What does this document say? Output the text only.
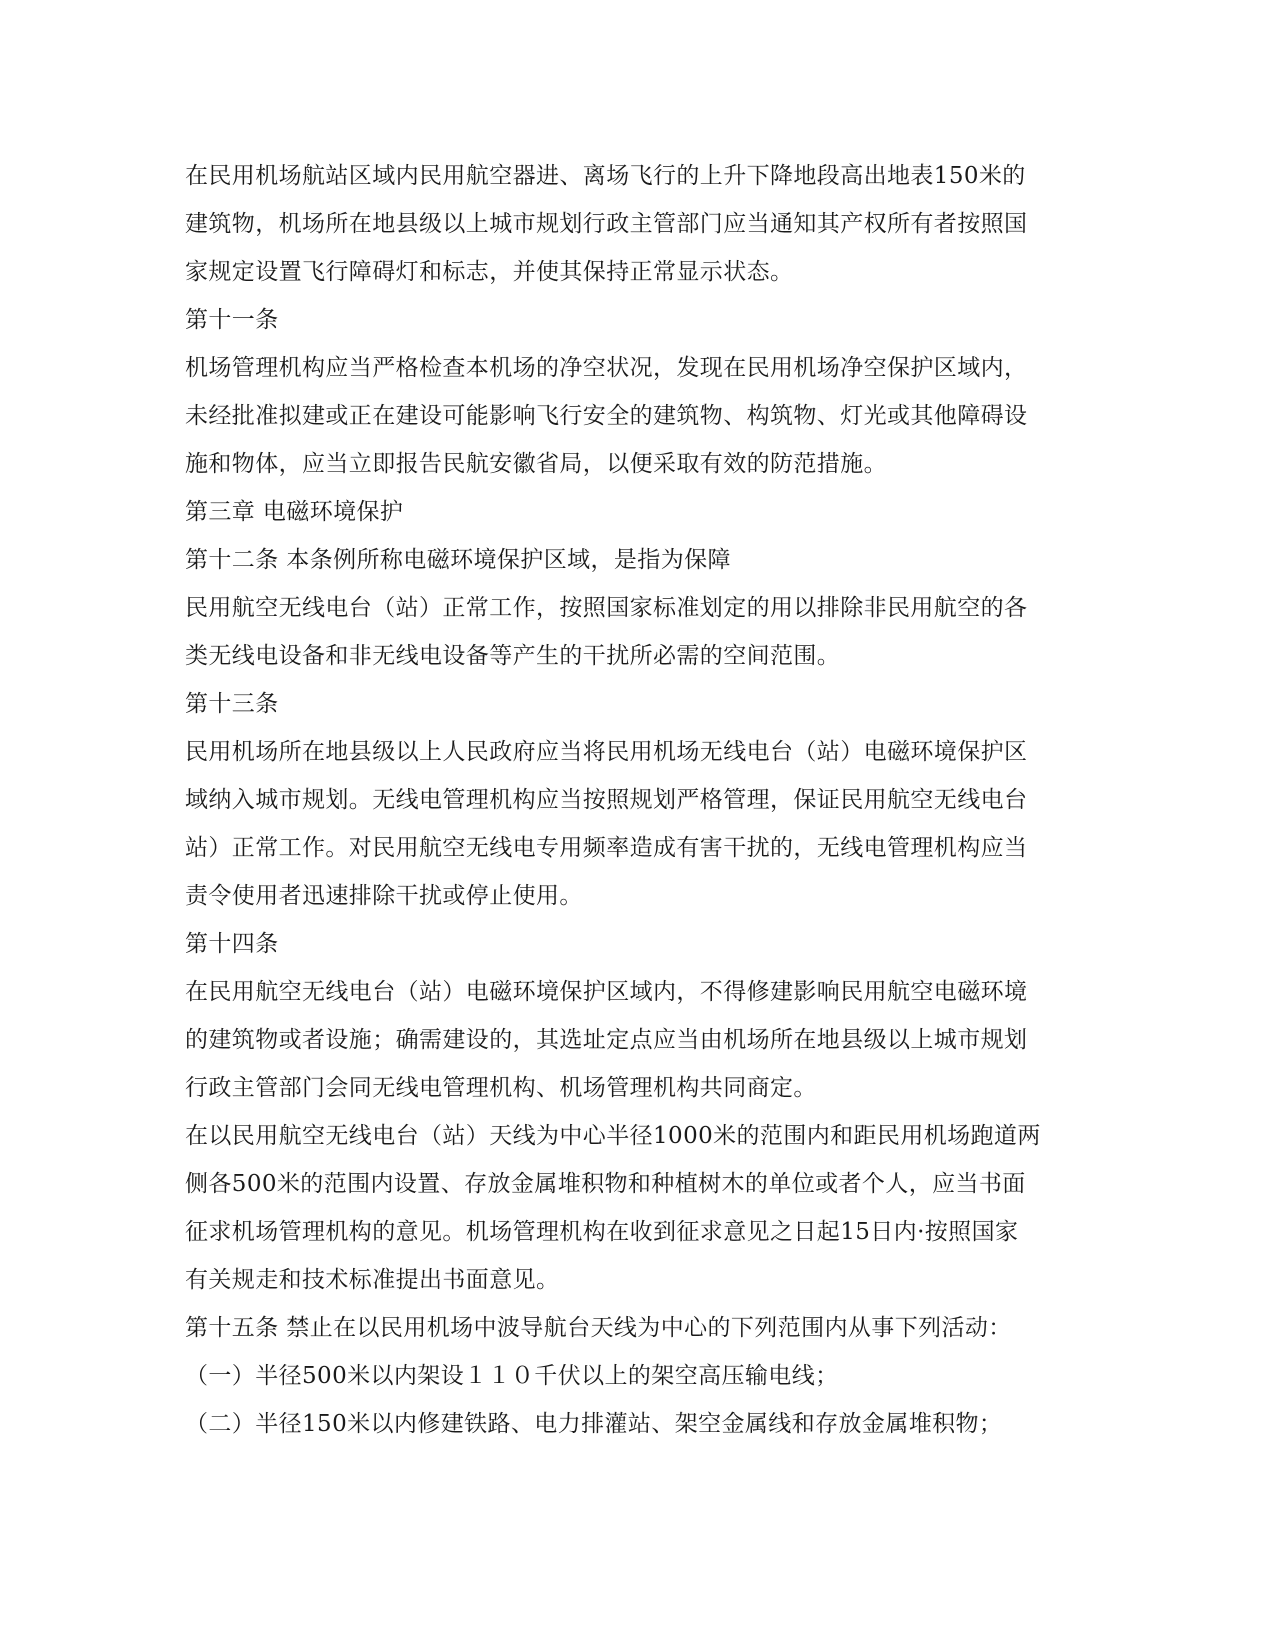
在民用机场航站区域内民用航空器进、离场飞行的上升下降地段高出地表150米的
建筑物，机场所在地县级以上城市规划行政主管部门应当通知其产权所有者按照国
家规定设置飞行障碍灯和标志，并使其保持正常显示状态。
第十一条
机场管理机构应当严格检查本机场的净空状况，发现在民用机场净空保护区域内，
未经批准拟建或正在建设可能影响飞行安全的建筑物、构筑物、灯光或其他障碍设
施和物体，应当立即报告民航安徽省局，以便采取有效的防范措施。
第三章 电磁环境保护
第十二条 本条例所称电磁环境保护区域，是指为保障
民用航空无线电台（站）正常工作，按照国家标准划定的用以排除非民用航空的各
类无线电设备和非无线电设备等产生的干扰所必需的空间范围。
第十三条
民用机场所在地县级以上人民政府应当将民用机场无线电台（站）电磁环境保护区
域纳入城市规划。无线电管理机构应当按照规划严格管理，保证民用航空无线电台
站）正常工作。对民用航空无线电专用频率造成有害干扰的，无线电管理机构应当
责令使用者迅速排除干扰或停止使用。
第十四条
在民用航空无线电台（站）电磁环境保护区域内，不得修建影响民用航空电磁环境
的建筑物或者设施；确需建设的，其选址定点应当由机场所在地县级以上城市规划
行政主管部门会同无线电管理机构、机场管理机构共同商定。
在以民用航空无线电台（站）天线为中心半径1000米的范围内和距民用机场跑道两
侧各500米的范围内设置、存放金属堆积物和种植树木的单位或者个人，应当书面
征求机场管理机构的意见。机场管理机构在收到征求意见之日起15日内·按照国家
有关规走和技术标准提出书面意见。
第十五条 禁止在以民用机场中波导航台天线为中心的下列范围内从事下列活动：
（一）半径500米以内架设１１０千伏以上的架空高压输电线；
（二）半径150米以内修建铁路、电力排灌站、架空金属线和存放金属堆积物；
